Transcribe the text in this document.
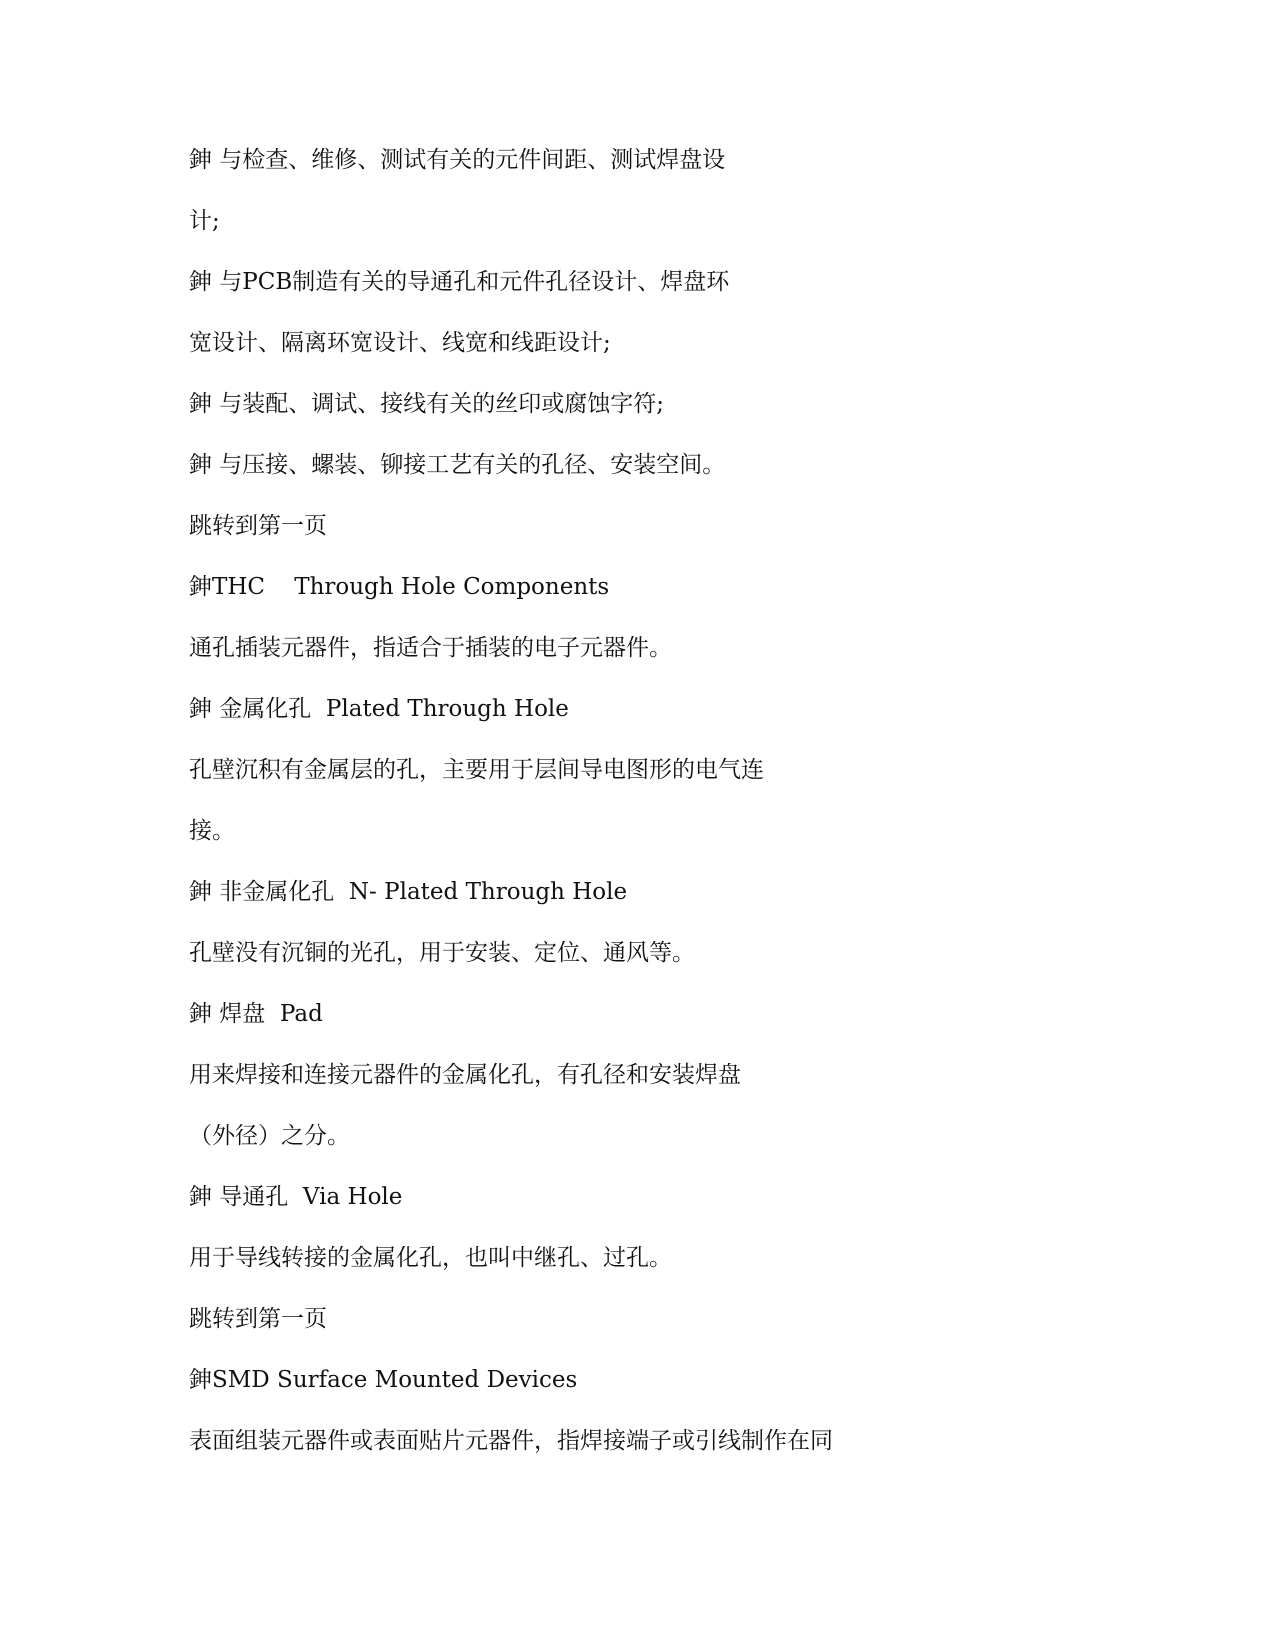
鉮 与检查、维修、测试有关的元件间距、测试焊盘设
计;
鉮 与PCB制造有关的导通孔和元件孔径设计、焊盘环
宽设计、隔离环宽设计、线宽和线距设计;
鉮 与装配、调试、接线有关的丝印或腐蚀字符;
鉮 与压接、螺装、铆接工艺有关的孔径、安装空间。
跳转到第一页
鉮THC    Through Hole Components
通孔插装元器件，指适合于插装的电子元器件。
鉮 金属化孔  Plated Through Hole
孔壁沉积有金属层的孔，主要用于层间导电图形的电气连
接。
鉮 非金属化孔  N- Plated Through Hole
孔壁没有沉铜的光孔，用于安装、定位、通风等。
鉮 焊盘  Pad
用来焊接和连接元器件的金属化孔，有孔径和安装焊盘
（外径）之分。
鉮 导通孔  Via Hole
用于导线转接的金属化孔，也叫中继孔、过孔。
跳转到第一页
鉮SMD Surface Mounted Devices
表面组装元器件或表面贴片元器件，指焊接端子或引线制作在同
